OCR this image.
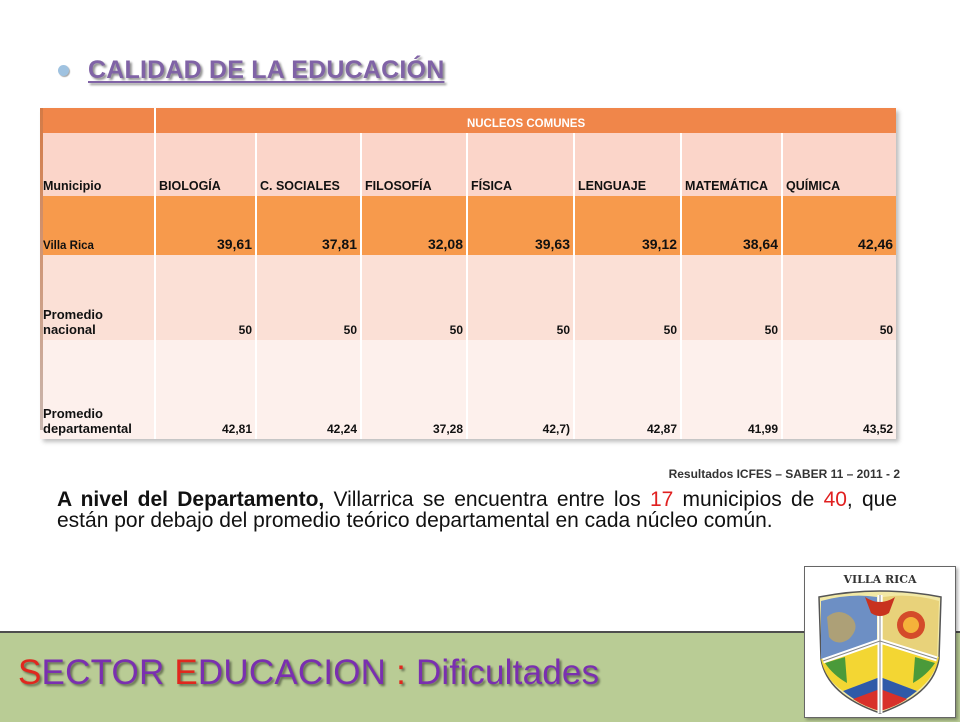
CALIDAD DE LA EDUCACIÓN
	NUCLEOS COMUNES						
Municipio	BIOLOGÍA	C. SOCIALES	FILOSOFÍA	FÍSICA	LENGUAJE	MATEMÁTICA	QUÍMICA
Villa Rica	39,61	37,81	32,08	39,63	39,12	38,64	42,46
Promedio
nacional	50	50	50	50	50	50	50
Promedio
departamental	42,81	42,24	37,28	42,7)	42,87	41,99	43,52
Resultados ICFES – SABER 11 – 2011 - 2
A nivel del Departamento, Villarrica se encuentra entre los 17 municipios de 40, que están por debajo del promedio teórico departamental en cada núcleo común.
SECTOR EDUCACION : Dificultades
VILLA RICA
